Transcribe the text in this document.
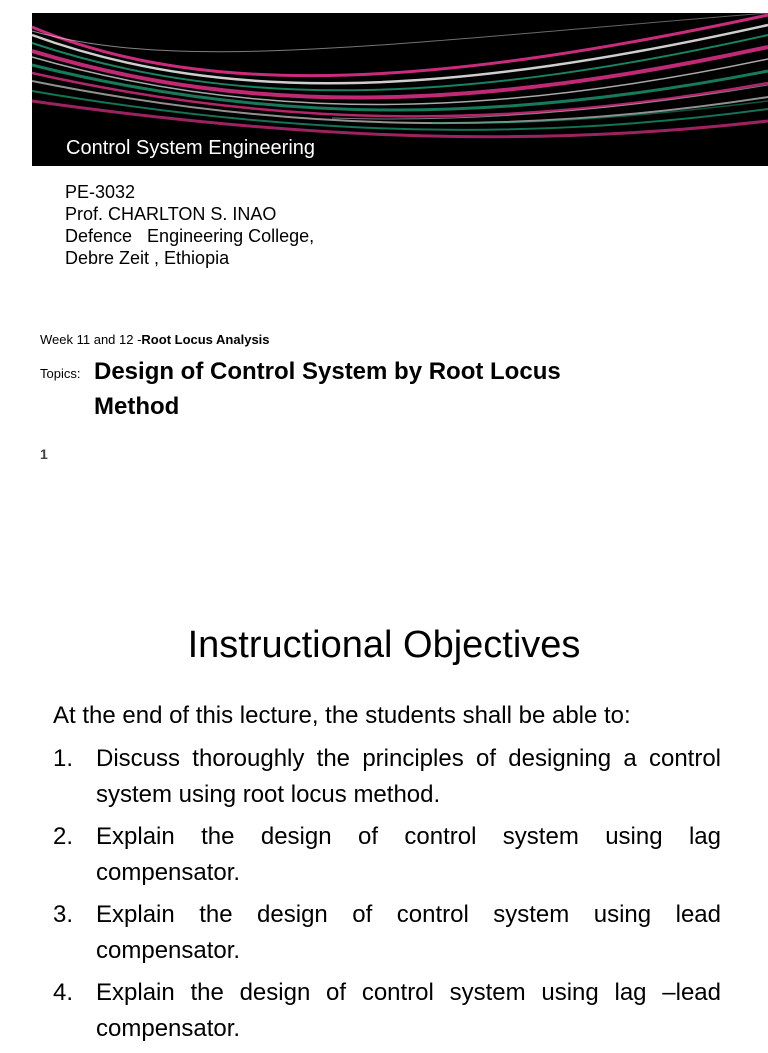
Control System Engineering
PE-3032
Prof. CHARLTON S. INAO
Defence   Engineering College,
Debre Zeit , Ethiopia
Week 11 and 12 -Root Locus Analysis
Topics: Design of Control System by Root Locus Method
1
Instructional Objectives
At the end of this lecture, the students shall be able to:
1. Discuss thoroughly the principles of designing a control system using root locus method.
2. Explain the design of control system using lag compensator.
3. Explain the design of control system using lead compensator.
4. Explain the design of control system using lag –lead compensator.
